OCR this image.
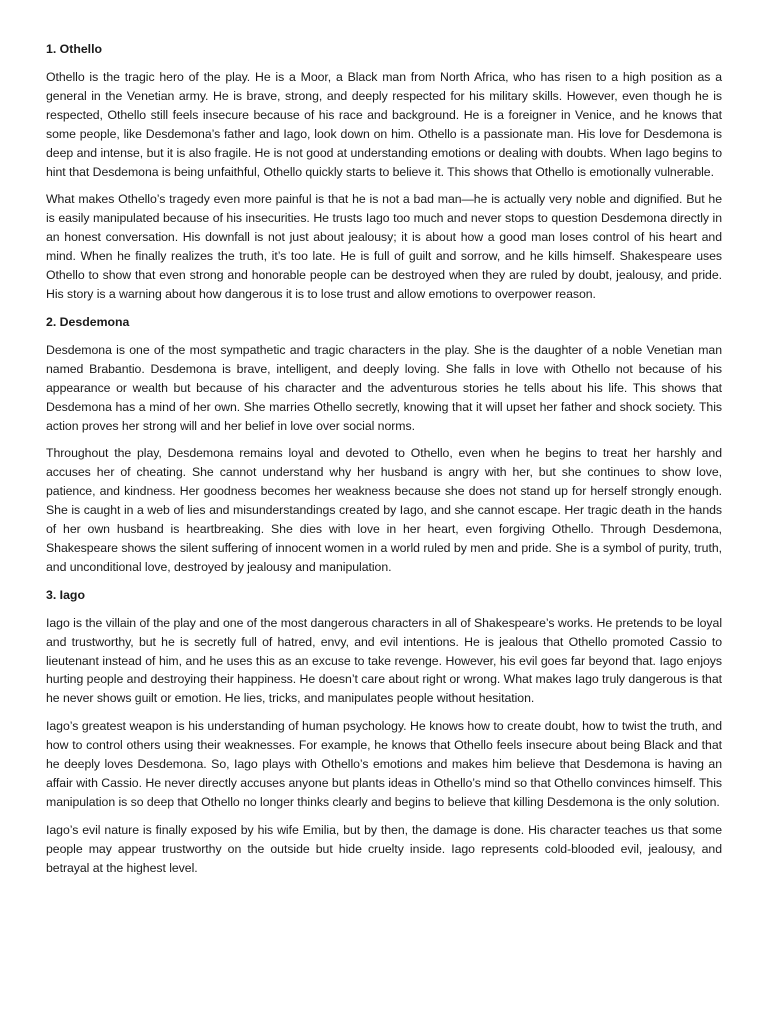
1. Othello

Othello is the tragic hero of the play. He is a Moor, a Black man from North Africa, who has risen to a high position as a general in the Venetian army. He is brave, strong, and deeply respected for his military skills. However, even though he is respected, Othello still feels insecure because of his race and background. He is a foreigner in Venice, and he knows that some people, like Desdemona’s father and Iago, look down on him. Othello is a passionate man. His love for Desdemona is deep and intense, but it is also fragile. He is not good at understanding emotions or dealing with doubts. When Iago begins to hint that Desdemona is being unfaithful, Othello quickly starts to believe it. This shows that Othello is emotionally vulnerable.

What makes Othello’s tragedy even more painful is that he is not a bad man—he is actually very noble and dignified. But he is easily manipulated because of his insecurities. He trusts Iago too much and never stops to question Desdemona directly in an honest conversation. His downfall is not just about jealousy; it is about how a good man loses control of his heart and mind. When he finally realizes the truth, it’s too late. He is full of guilt and sorrow, and he kills himself. Shakespeare uses Othello to show that even strong and honorable people can be destroyed when they are ruled by doubt, jealousy, and pride. His story is a warning about how dangerous it is to lose trust and allow emotions to overpower reason.

2. Desdemona

Desdemona is one of the most sympathetic and tragic characters in the play. She is the daughter of a noble Venetian man named Brabantio. Desdemona is brave, intelligent, and deeply loving. She falls in love with Othello not because of his appearance or wealth but because of his character and the adventurous stories he tells about his life. This shows that Desdemona has a mind of her own. She marries Othello secretly, knowing that it will upset her father and shock society. This action proves her strong will and her belief in love over social norms.

Throughout the play, Desdemona remains loyal and devoted to Othello, even when he begins to treat her harshly and accuses her of cheating. She cannot understand why her husband is angry with her, but she continues to show love, patience, and kindness. Her goodness becomes her weakness because she does not stand up for herself strongly enough. She is caught in a web of lies and misunderstandings created by Iago, and she cannot escape. Her tragic death in the hands of her own husband is heartbreaking. She dies with love in her heart, even forgiving Othello. Through Desdemona, Shakespeare shows the silent suffering of innocent women in a world ruled by men and pride. She is a symbol of purity, truth, and unconditional love, destroyed by jealousy and manipulation.

3. Iago

Iago is the villain of the play and one of the most dangerous characters in all of Shakespeare’s works. He pretends to be loyal and trustworthy, but he is secretly full of hatred, envy, and evil intentions. He is jealous that Othello promoted Cassio to lieutenant instead of him, and he uses this as an excuse to take revenge. However, his evil goes far beyond that. Iago enjoys hurting people and destroying their happiness. He doesn’t care about right or wrong. What makes Iago truly dangerous is that he never shows guilt or emotion. He lies, tricks, and manipulates people without hesitation.

Iago’s greatest weapon is his understanding of human psychology. He knows how to create doubt, how to twist the truth, and how to control others using their weaknesses. For example, he knows that Othello feels insecure about being Black and that he deeply loves Desdemona. So, Iago plays with Othello’s emotions and makes him believe that Desdemona is having an affair with Cassio. He never directly accuses anyone but plants ideas in Othello’s mind so that Othello convinces himself. This manipulation is so deep that Othello no longer thinks clearly and begins to believe that killing Desdemona is the only solution.

Iago’s evil nature is finally exposed by his wife Emilia, but by then, the damage is done. His character teaches us that some people may appear trustworthy on the outside but hide cruelty inside. Iago represents cold-blooded evil, jealousy, and betrayal at the highest level.
